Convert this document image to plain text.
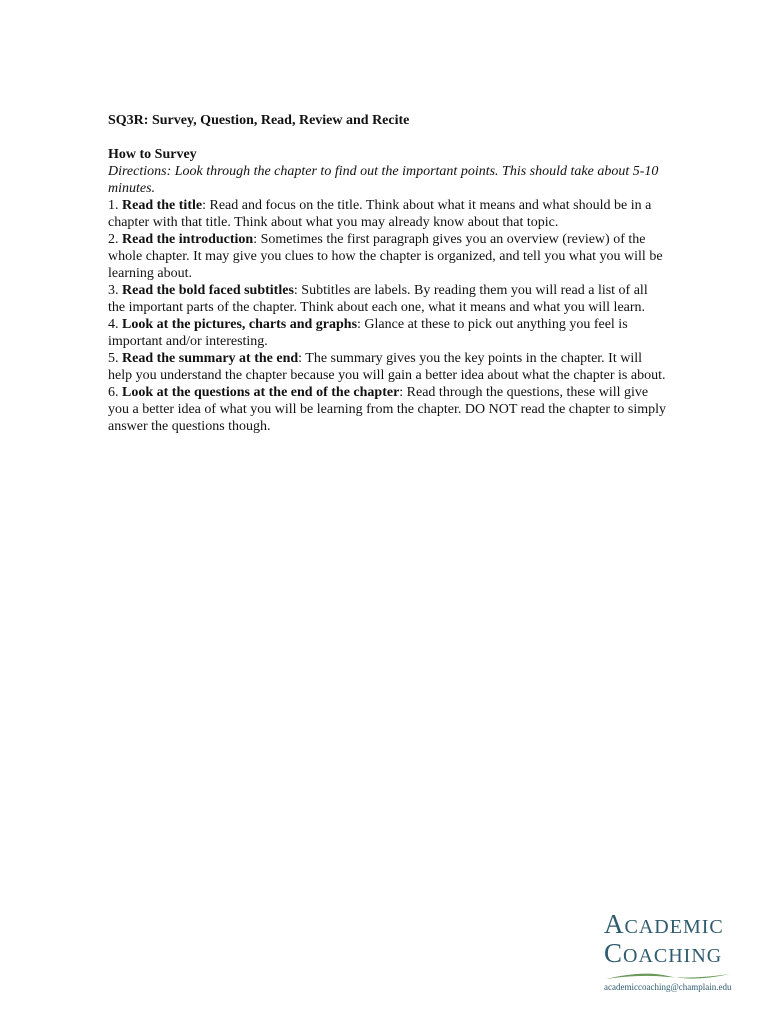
SQ3R: Survey, Question, Read, Review and Recite

How to Survey

Directions: Look through the chapter to find out the important points. This should take about 5-10 minutes.

1. Read the title: Read and focus on the title. Think about what it means and what should be in a chapter with that title. Think about what you may already know about that topic.

2. Read the introduction: Sometimes the first paragraph gives you an overview (review) of the whole chapter. It may give you clues to how the chapter is organized, and tell you what you will be learning about.

3. Read the bold faced subtitles: Subtitles are labels. By reading them you will read a list of all the important parts of the chapter. Think about each one, what it means and what you will learn.

4. Look at the pictures, charts and graphs: Glance at these to pick out anything you feel is important and/or interesting.

5. Read the summary at the end: The summary gives you the key points in the chapter. It will help you understand the chapter because you will gain a better idea about what the chapter is about.

6. Look at the questions at the end of the chapter: Read through the questions, these will give you a better idea of what you will be learning from the chapter. DO NOT read the chapter to simply answer the questions though.

ACADEMIC
COACHING
academiccoaching@champlain.edu
